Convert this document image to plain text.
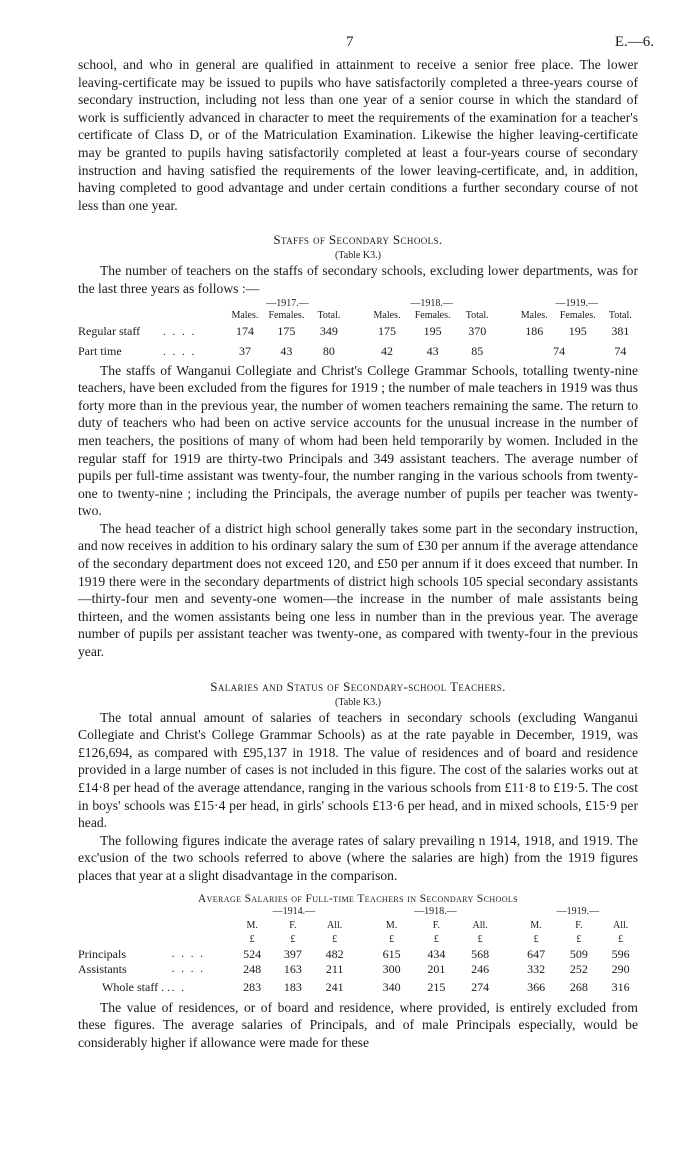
7	E.—6.

school, and who in general are qualified in attainment to receive a senior free place. The lower leaving-certificate may be issued to pupils who have satisfactorily completed a three-years course of secondary instruction, including not less than one year of a senior course in which the standard of work is sufficiently advanced in character to meet the requirements of the examination for a teacher's certificate of Class D, or of the Matriculation Examination. Likewise the higher leaving-certificate may be granted to pupils having satisfactorily completed at least a four-years course of secondary instruction and having satisfied the requirements of the lower leaving-certificate, and, in addition, having completed to good advantage and under certain conditions a further secondary course of not less than one year.

Staffs of Secondary Schools.
(Table K3.)

The number of teachers on the staffs of secondary schools, excluding lower departments, was for the last three years as follows :—

		—1917.—				—1918.—				—1919.—		
		Males.	Females.	Total.		Males.	Females.	Total.		Males.	Females.	Total.
Regular staff	. . . .	174	175	349		175	195	370		186	195	381
Part time	. . . .	37	43	80		42	43	85		74		74

The staffs of Wanganui Collegiate and Christ's College Grammar Schools, totalling twenty-nine teachers, have been excluded from the figures for 1919 ; the number of male teachers in 1919 was thus forty more than in the previous year, the number of women teachers remaining the same. The return to duty of teachers who had been on active service accounts for the unusual increase in the number of men teachers, the positions of many of whom had been held temporarily by women. Included in the regular staff for 1919 are thirty-two Principals and 349 assistant teachers. The average number of pupils per full-time assistant was twenty-four, the number ranging in the various schools from twenty-one to twenty-nine ; including the Principals, the average number of pupils per teacher was twenty-two.

The head teacher of a district high school generally takes some part in the secondary instruction, and now receives in addition to his ordinary salary the sum of £30 per annum if the average attendance of the secondary department does not exceed 120, and £50 per annum if it does exceed that number. In 1919 there were in the secondary departments of district high schools 105 special secondary assistants —thirty-four men and seventy-one women—the increase in the number of male assistants being thirteen, and the women assistants being one less in number than in the previous year. The average number of pupils per assistant teacher was twenty-one, as compared with twenty-four in the previous year.

Salaries and Status of Secondary-school Teachers.
(Table K3.)

The total annual amount of salaries of teachers in secondary schools (excluding Wanganui Collegiate and Christ's College Grammar Schools) as at the rate payable in December, 1919, was £126,694, as compared with £95,137 in 1918. The value of residences and of board and residence provided in a large number of cases is not included in this figure. The cost of the salaries works out at £14·8 per head of the average attendance, ranging in the various schools from £11·8 to £19·5. The cost in boys' schools was £15·4 per head, in girls' schools £13·6 per head, and in mixed schools, £15·9 per head.

The following figures indicate the average rates of salary prevailing n 1914, 1918, and 1919. The exc'usion of the two schools referred to above (where the salaries are high) from the 1919 figures places that year at a slight disadvantage in the comparison.

Average Salaries of Full-time Teachers in Secondary Schools
		—1914.—				—1918.—				—1919.—		
		M.	F.	All.		M.	F.	All.		M.	F.	All.
		£	£	£		£	£	£		£	£	£
Principals	. . . .	524	397	482		615	434	568		647	509	596
Assistants	. . . .	248	163	211		300	201	246		332	252	290
Whole staff . .	. .	283	183	241		340	215	274		366	268	316

The value of residences, or of board and residence, where provided, is entirely excluded from these figures. The average salaries of Principals, and of male Principals especially, would be considerably higher if allowance were made for these
